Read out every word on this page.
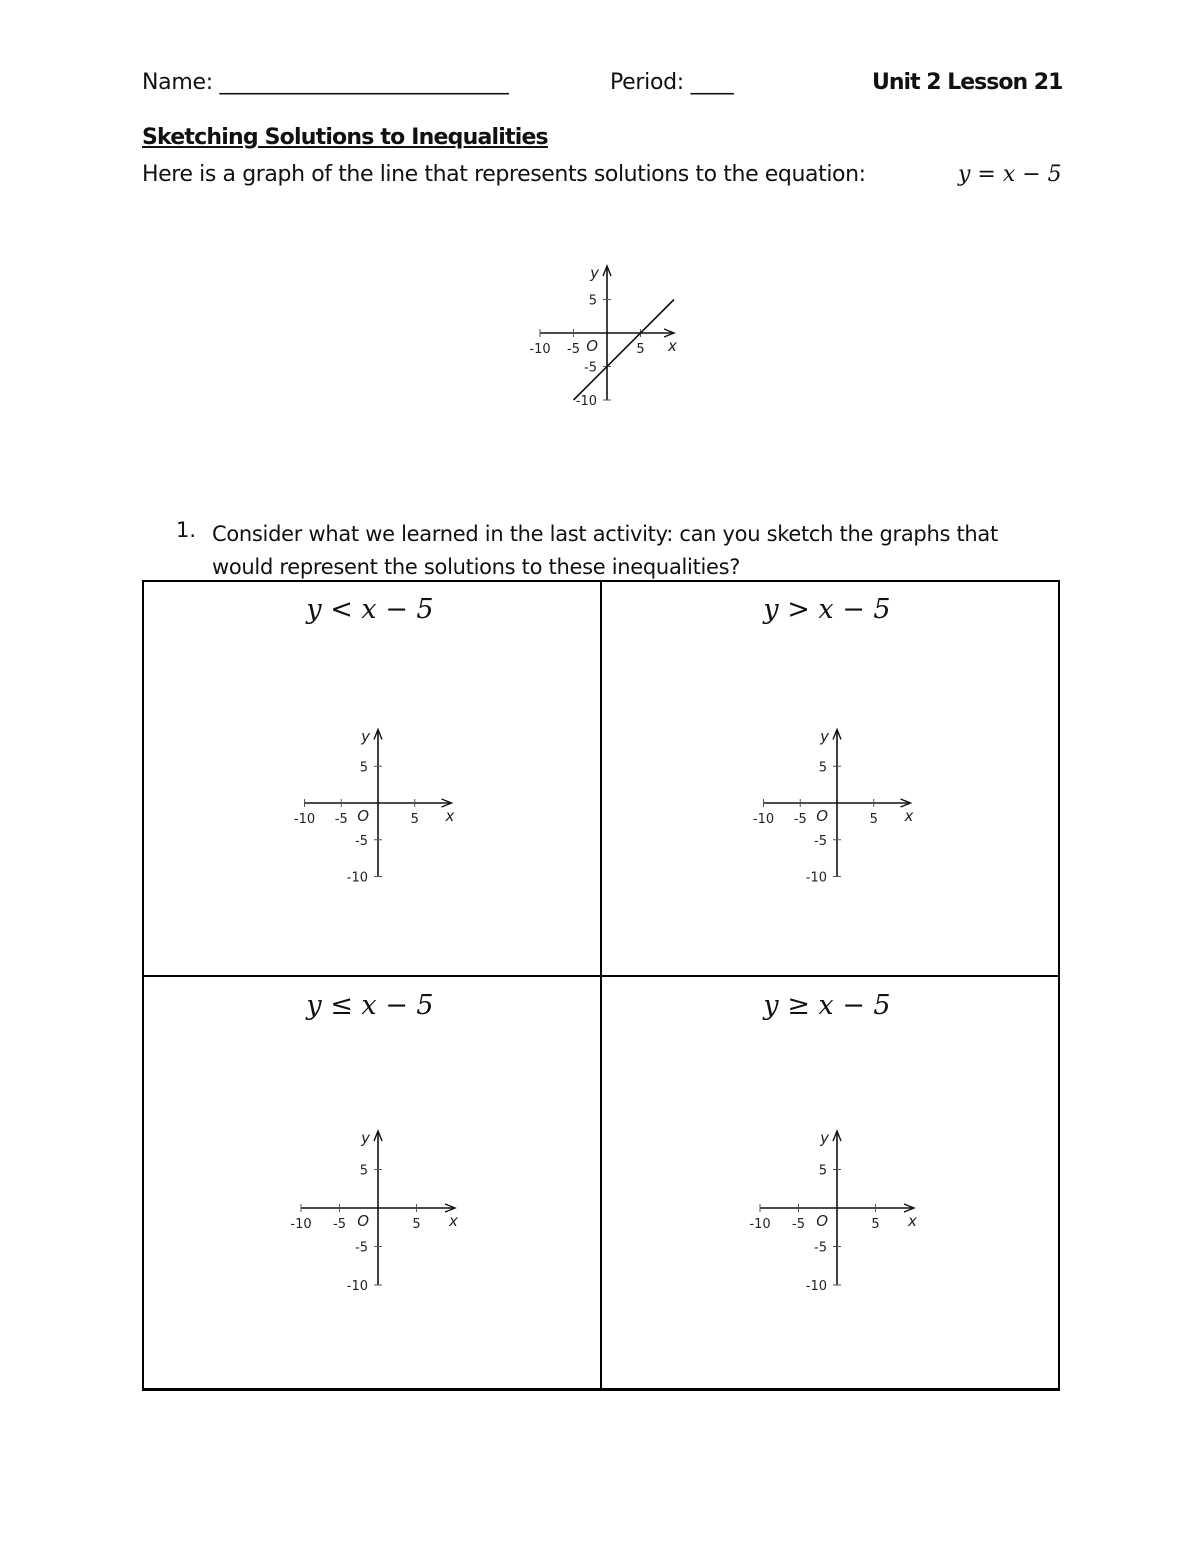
Name: ___________________________	Period: ____	Unit 2 Lesson 21
Sketching Solutions to Inequalities
Here is a graph of the line that represents solutions to the equation:	y = x − 5
-10 -5	5
5
-5
-10
O	x
y
1. Consider what we learned in the last activity: can you sketch the graphs that would represent the solutions to these inequalities?
y < x − 5	y > x − 5
y ≤ x − 5	y ≥ x − 5
-10 -5	5
5
-5
-10
O	x
y
-10 -5	5
5
-5
-10
O	x
y
-10 -5	5
5
-5
-10
O	x
y
-10 -5	5
5
-5
-10
O	x
y
